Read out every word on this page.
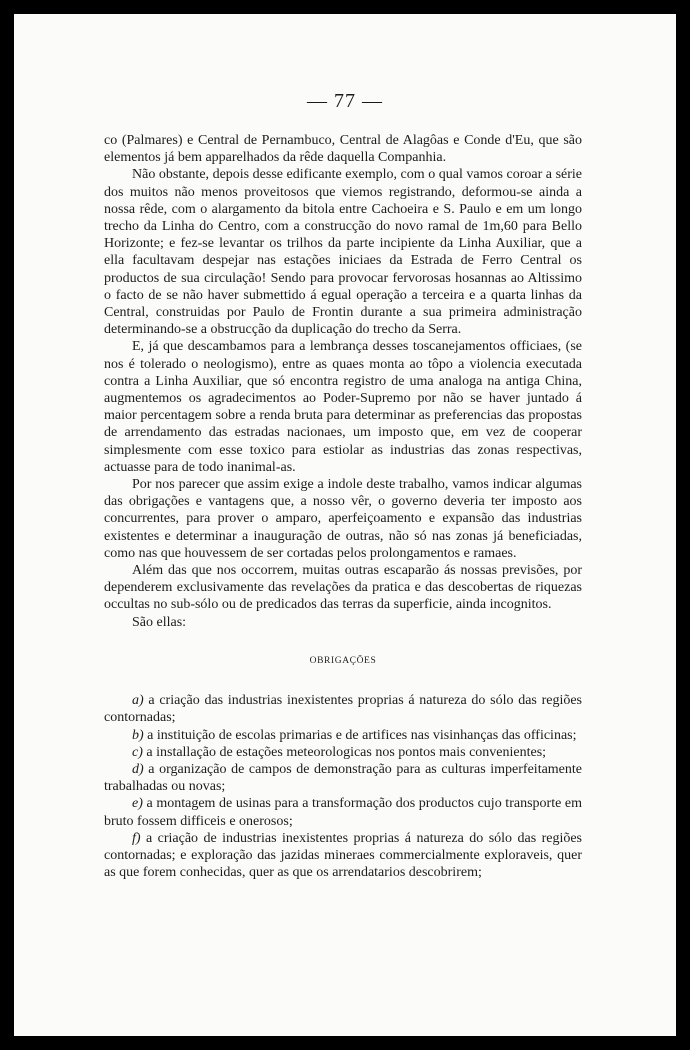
— 77 —

co (Palmares) e Central de Pernambuco, Central de Alagôas e Conde d'Eu, que são elementos já bem apparelhados da rêde daquella Companhia.

Não obstante, depois desse edificante exemplo, com o qual vamos coroar a série dos muitos não menos proveitosos que viemos registrando, deformou-se ainda a nossa rêde, com o alargamento da bitola entre Cachoeira e S. Paulo e em um longo trecho da Linha do Centro, com a construcção do novo ramal de 1m,60 para Bello Horizonte; e fez-se levantar os trilhos da parte incipiente da Linha Auxiliar, que a ella facultavam despejar nas estações iniciaes da Estrada de Ferro Central os productos de sua circulação! Sendo para provocar fervorosas hosannas ao Altissimo o facto de se não haver submettido á egual operação a terceira e a quarta linhas da Central, construidas por Paulo de Frontin durante a sua primeira administração determinando-se a obstrucção da duplicação do trecho da Serra.

E, já que descambamos para a lembrança desses toscanejamentos officiaes, (se nos é tolerado o neologismo), entre as quaes monta ao tôpo a violencia executada contra a Linha Auxiliar, que só encontra registro de uma analoga na antiga China, augmentemos os agradecimentos ao Poder-Supremo por não se haver juntado á maior percentagem sobre a renda bruta para determinar as preferencias das propostas de arrendamento das estradas nacionaes, um imposto que, em vez de cooperar simplesmente com esse toxico para estiolar as industrias das zonas respectivas, actuasse para de todo inanimal-as.

Por nos parecer que assim exige a indole deste trabalho, vamos indicar algumas das obrigações e vantagens que, a nosso vêr, o governo deveria ter imposto aos concurrentes, para prover o amparo, aperfeiçoamento e expansão das industrias existentes e determinar a inauguração de outras, não só nas zonas já beneficiadas, como nas que houvessem de ser cortadas pelos prolongamentos e ramaes.

Além das que nos occorrem, muitas outras escaparão ás nossas previsões, por dependerem exclusivamente das revelações da pratica e das descobertas de riquezas occultas no sub-sólo ou de predicados das terras da superficie, ainda incognitos.

São ellas:

OBRIGAÇÕES

a) a criação das industrias inexistentes proprias á natureza do sólo das regiões contornadas;

b) a instituição de escolas primarias e de artifices nas visinhanças das officinas;

c) a installação de estações meteorologicas nos pontos mais convenientes;

d) a organização de campos de demonstração para as culturas imperfeitamente trabalhadas ou novas;

e) a montagem de usinas para a transformação dos productos cujo transporte em bruto fossem difficeis e onerosos;

f) a criação de industrias inexistentes proprias á natureza do sólo das regiões contornadas; e exploração das jazidas mineraes commercialmente exploraveis, quer as que forem conhecidas, quer as que os arrendatarios descobrirem;
